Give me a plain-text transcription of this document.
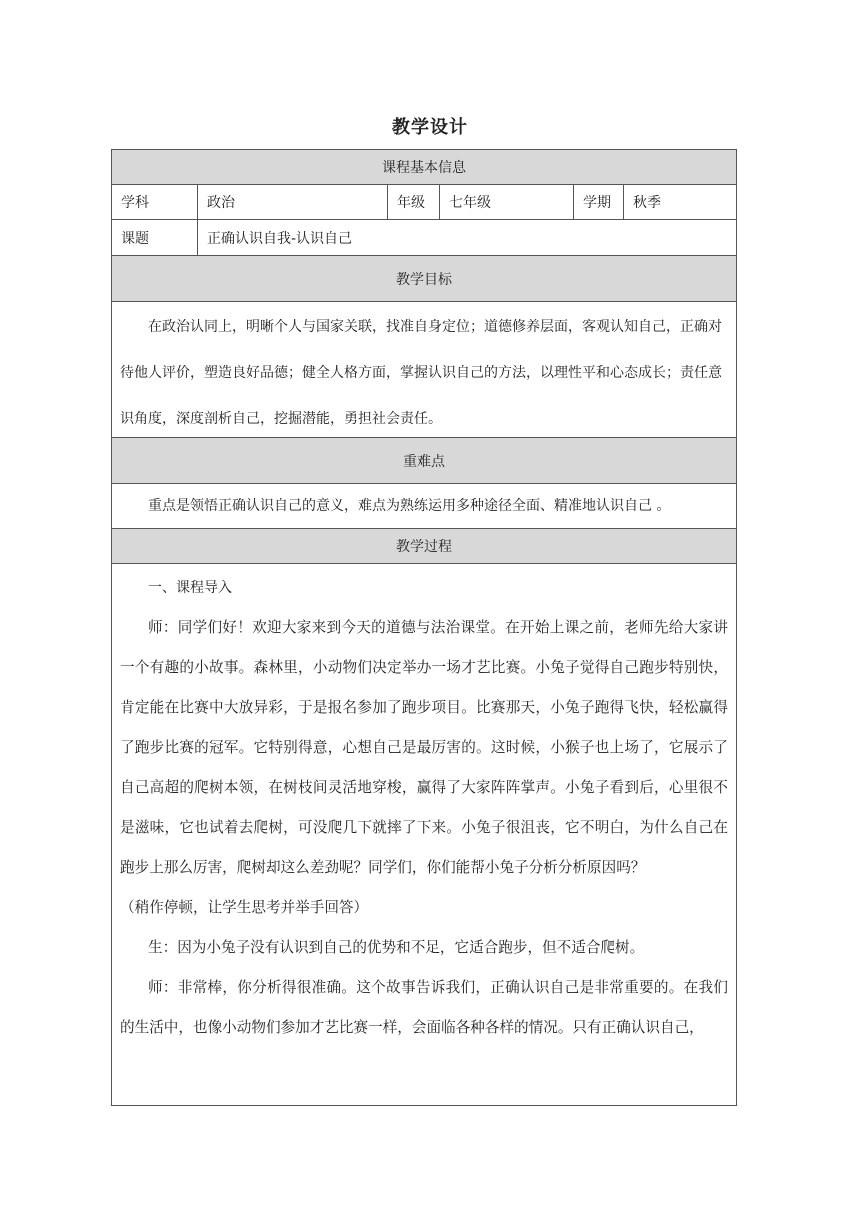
教学设计
课程基本信息
学科	政治	年级	七年级	学期	秋季
课题	正确认识自我-认识自己
教学目标
在政治认同上，明晰个人与国家关联，找准自身定位；道德修养层面，客观认知自己，正确对待他人评价，塑造良好品德；健全人格方面，掌握认识自己的方法，以理性平和心态成长；责任意识角度，深度剖析自己，挖掘潜能，勇担社会责任。
重难点
重点是领悟正确认识自己的意义，难点为熟练运用多种途径全面、精准地认识自己 。
教学过程

一、课程导入

师：同学们好！欢迎大家来到今天的道德与法治课堂。在开始上课之前，老师先给大家讲一个有趣的小故事。森林里，小动物们决定举办一场才艺比赛。小兔子觉得自己跑步特别快，肯定能在比赛中大放异彩，于是报名参加了跑步项目。比赛那天，小兔子跑得飞快，轻松赢得了跑步比赛的冠军。它特别得意，心想自己是最厉害的。这时候，小猴子也上场了，它展示了自己高超的爬树本领，在树枝间灵活地穿梭，赢得了大家阵阵掌声。小兔子看到后，心里很不是滋味，它也试着去爬树，可没爬几下就摔了下来。小兔子很沮丧，它不明白，为什么自己在跑步上那么厉害，爬树却这么差劲呢？同学们，你们能帮小兔子分析分析原因吗？

（稍作停顿，让学生思考并举手回答）

生：因为小兔子没有认识到自己的优势和不足，它适合跑步，但不适合爬树。

师：非常棒，你分析得很准确。这个故事告诉我们，正确认识自己是非常重要的。在我们的生活中，也像小动物们参加才艺比赛一样，会面临各种各样的情况。只有正确认识自己，
